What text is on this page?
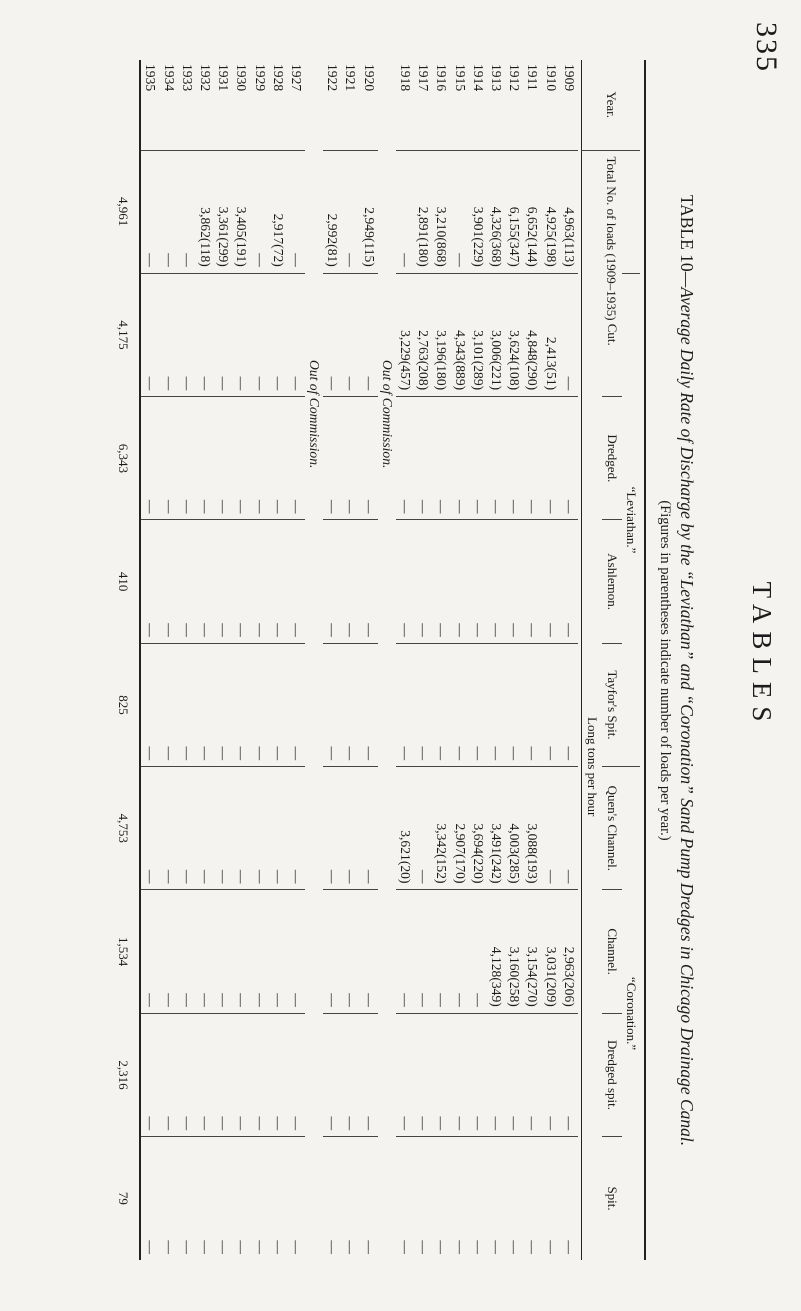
335
TABLES
TABLE 10—Average Daily Rate of Discharge by the “Leviathan” and “Coronation” Sand Pump Dredges in Chicago Drainage Canal.
(Figures in parentheses indicate number of loads per year.)

Year.	Total No. of loads (1909–1935)	“Leviathan.”				“Coronation.”			
		Cut.	Dredged.	Ashlemon.	Tayfor's Spit.	Quen's Channel.	Channel.	Dredged spit.	Spit.
		Long tons per hour							

1909	4,963(113)	—	—	—	—	—	2,963(206)	—	—
1910	4,925(198)	2,413(51)	—	—	—	—	3,031(209)	—	—
1911	6,652(144)	4,848(290)	—	—	—	3,088(193)	3,154(270)	—	—
1912	6,155(347)	3,624(108)	—	—	—	4,003(285)	3,160(258)	—	—
1913	4,326(368)	3,006(221)	—	—	—	3,491(242)	4,128(349)	—	—
1914	3,901(229)	3,101(289)	—	—	—	3,694(220)	—	—	—
1915	—	4,343(889)	—	—	—	2,907(170)	—	—	—
1916	3,210(868)	3,196(180)	—	—	—	3,342(152)	—	—	—
1917	2,891(180)	2,763(208)	—	—	—	—	—	—	—
1918	—	3,229(457)	—	—	—	3,621(20)	—	—	—
Out of Commission.									
1920	2,949(115)	—	—	—	—	—	—	—	—
1921	—	—	—	—	—	—	—	—	—
1922	2,992(81)	—	—	—	—	—	—	—	—
Out of Commission.									
1927	—	—	—	—	—	—	—	—	—
1928	2,917(72)	—	—	—	—	—	—	—	—
1929	—	—	—	—	—	—	—	—	—
1930	3,405(191)	—	—	—	—	—	—	—	—
1931	3,361(299)	—	—	—	—	—	—	—	—
1932	3,862(118)	—	—	—	—	—	—	—	—
1933	—	—	—	—	—	—	—	—	—
1934	—	—	—	—	—	—	—	—	—
1935	—	—	—	—	—	—	—	—	—

	4,961	4,175	6,343	410	825	4,753	1,534	2,316	79
